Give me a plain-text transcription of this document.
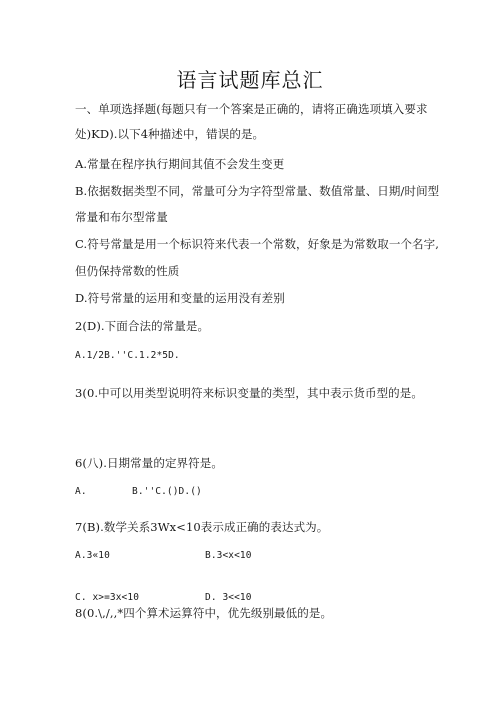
语言试题库总汇
一、单项选择题(每题只有一个答案是正确的，请将正确选项填入要求
处)KD).以下4种描述中，错误的是。
A.常量在程序执行期间其值不会发生变更
B.依据数据类型不同，常量可分为字符型常量、数值常量、日期/时间型
常量和布尔型常量
C.符号常量是用一个标识符来代表一个常数，好象是为常数取一个名字,
但仍保持常数的性质
D.符号常量的运用和变量的运用没有差别
2(D).下面合法的常量是。
A.1/2B.''C.1.2*5D.
3(0.中可以用类型说明符来标识变量的类型，其中表示货币型的是。
6(八).日期常量的定界符是。
A.	B.''C.()D.()
7(B).数学关系3Wx<10表示成正确的表达式为。
A.3«10	B.3<x<10
C. x>=3x<10	D. 3<<10
8(0.\,/,,*四个算术运算符中，优先级别最低的是。
